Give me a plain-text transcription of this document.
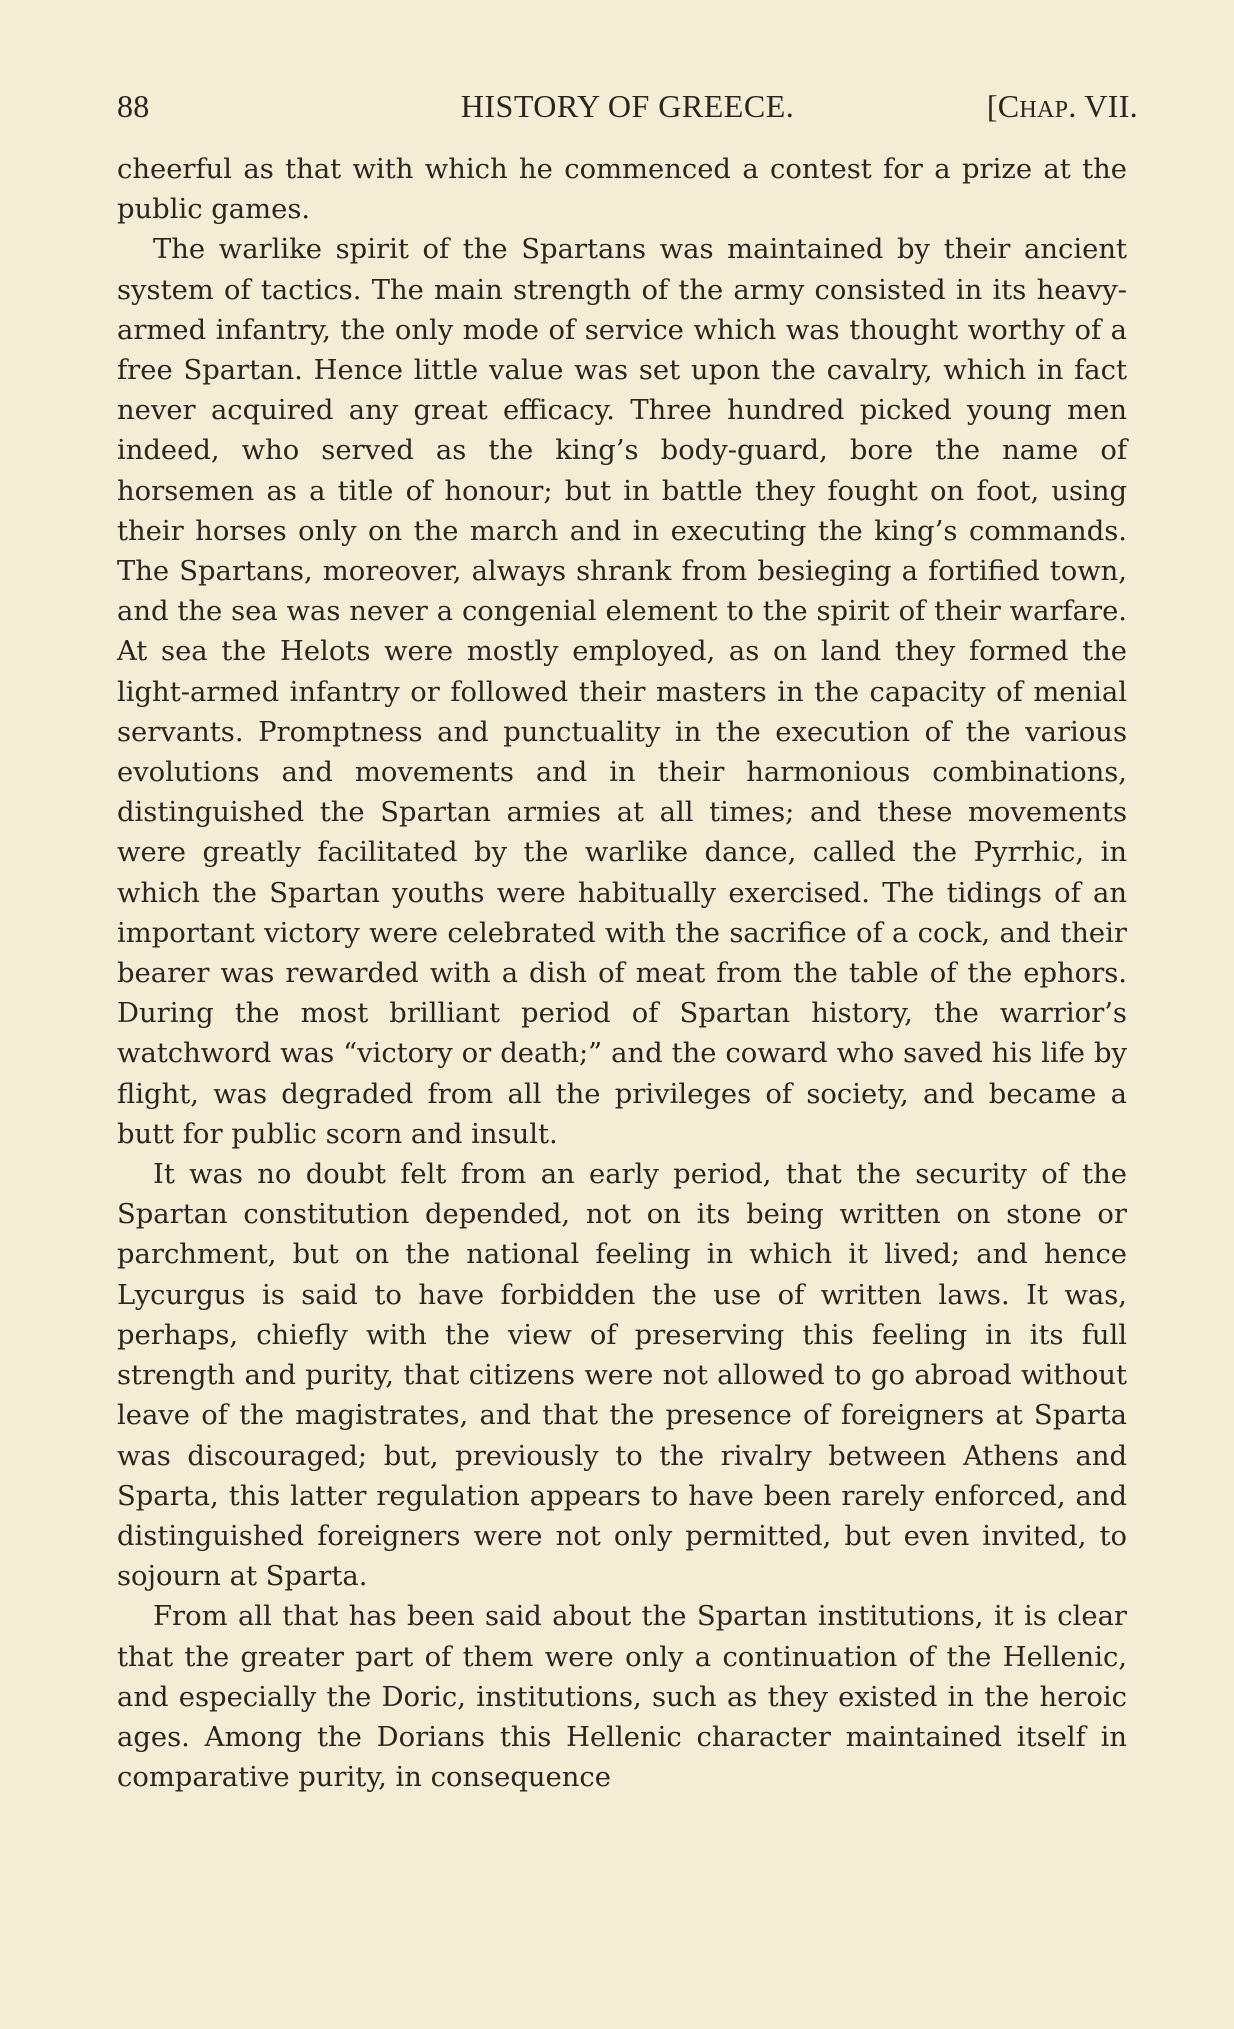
88	HISTORY OF GREECE.	[CHAP. VII.

cheerful as that with which he commenced a contest for a prize at the public games.

The warlike spirit of the Spartans was maintained by their ancient system of tactics. The main strength of the army consisted in its heavy-armed infantry, the only mode of service which was thought worthy of a free Spartan. Hence little value was set upon the cavalry, which in fact never acquired any great efficacy. Three hundred picked young men indeed, who served as the king’s body-guard, bore the name of horsemen as a title of honour; but in battle they fought on foot, using their horses only on the march and in executing the king’s commands. The Spartans, moreover, always shrank from besieging a fortified town, and the sea was never a congenial element to the spirit of their warfare. At sea the Helots were mostly employed, as on land they formed the light-armed infantry or followed their masters in the capacity of menial servants. Promptness and punctuality in the execution of the various evolutions and movements and in their harmonious combinations, distinguished the Spartan armies at all times; and these movements were greatly facilitated by the warlike dance, called the Pyrrhic, in which the Spartan youths were habitually exercised. The tidings of an important victory were celebrated with the sacrifice of a cock, and their bearer was rewarded with a dish of meat from the table of the ephors. During the most brilliant period of Spartan history, the warrior’s watchword was “victory or death;” and the coward who saved his life by flight, was degraded from all the privileges of society, and became a butt for public scorn and insult.

It was no doubt felt from an early period, that the security of the Spartan constitution depended, not on its being written on stone or parchment, but on the national feeling in which it lived; and hence Lycurgus is said to have forbidden the use of written laws. It was, perhaps, chiefly with the view of preserving this feeling in its full strength and purity, that citizens were not allowed to go abroad without leave of the magistrates, and that the presence of foreigners at Sparta was discouraged; but, previously to the rivalry between Athens and Sparta, this latter regulation appears to have been rarely enforced, and distinguished foreigners were not only permitted, but even invited, to sojourn at Sparta.

From all that has been said about the Spartan institutions, it is clear that the greater part of them were only a continuation of the Hellenic, and especially the Doric, institutions, such as they existed in the heroic ages. Among the Dorians this Hellenic character maintained itself in comparative purity, in consequence
